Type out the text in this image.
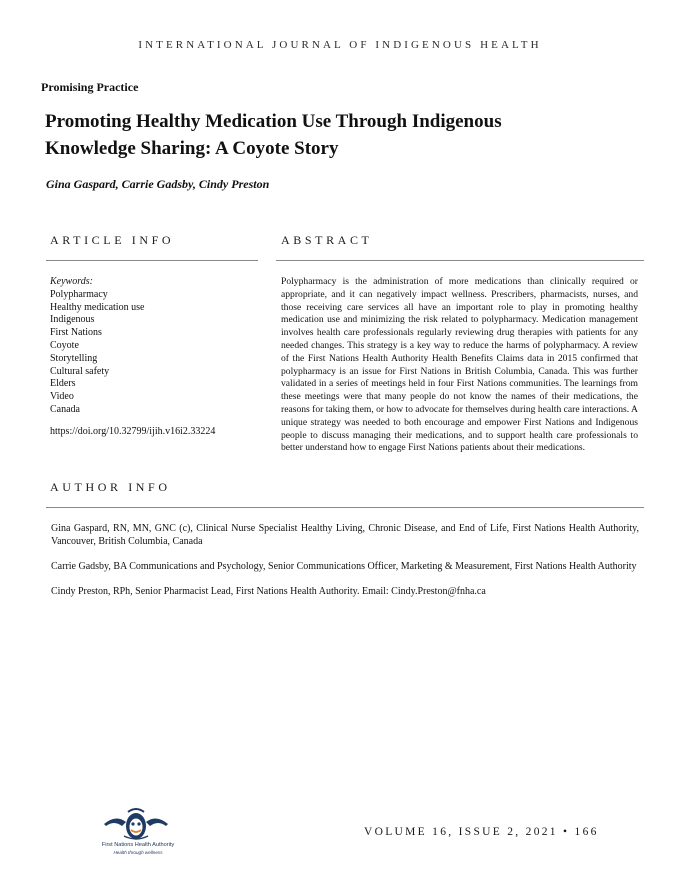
INTERNATIONAL JOURNAL OF INDIGENOUS HEALTH
Promising Practice
Promoting Healthy Medication Use Through Indigenous
Knowledge Sharing: A Coyote Story
Gina Gaspard, Carrie Gadsby, Cindy Preston
ARTICLE INFO	ABSTRACT
Keywords:
Polypharmacy
Healthy medication use
Indigenous
First Nations
Coyote
Storytelling
Cultural safety
Elders
Video
Canada
https://doi.org/10.32799/ijih.v16i2.33224
Polypharmacy is the administration of more medications than clinically required or appropriate, and it can negatively impact wellness. Prescribers, pharmacists, nurses, and those receiving care services all have an important role to play in promoting healthy medication use and minimizing the risk related to polypharmacy. Medication management involves health care professionals regularly reviewing drug therapies with patients for any needed changes. This strategy is a key way to reduce the harms of polypharmacy. A review of the First Nations Health Authority Health Benefits Claims data in 2015 confirmed that polypharmacy is an issue for First Nations in British Columbia, Canada. This was further validated in a series of meetings held in four First Nations communities. The learnings from these meetings were that many people do not know the names of their medications, the reasons for taking them, or how to advocate for themselves during health care interactions. A unique strategy was needed to both encourage and empower First Nations and Indigenous people to discuss managing their medications, and to support health care professionals to better understand how to engage First Nations patients about their medications.
AUTHOR INFO

Gina Gaspard, RN, MN, GNC (c), Clinical Nurse Specialist Healthy Living, Chronic Disease, and End of Life, First Nations Health Authority, Vancouver, British Columbia, Canada

Carrie Gadsby, BA Communications and Psychology, Senior Communications Officer, Marketing & Measurement, First Nations Health Authority

Cindy Preston, RPh, Senior Pharmacist Lead, First Nations Health Authority. Email: Cindy.Preston@fnha.ca

First Nations Health Authority
Health through wellness
VOLUME 16, ISSUE 2, 2021 • 166
